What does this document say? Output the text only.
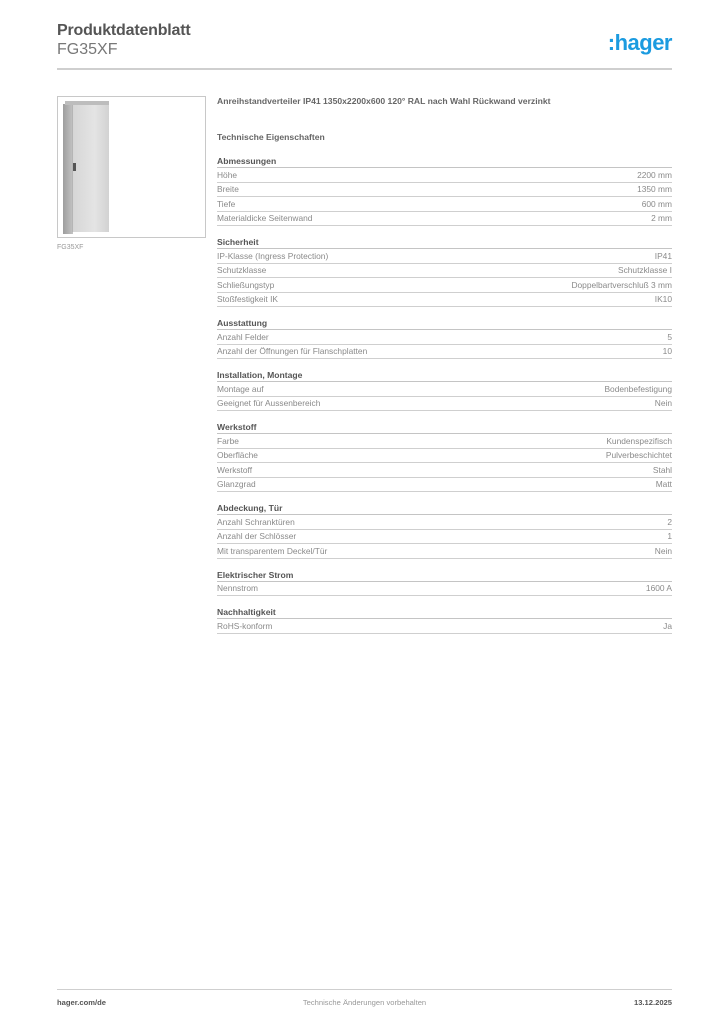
Produktdatenblatt
FG35XF	:hager
FG35XF
Anreihstandverteiler IP41 1350x2200x600 120° RAL nach Wahl Rückwand verzinkt
Technische Eigenschaften
Abmessungen
Höhe	2200 mm
Breite	1350 mm
Tiefe	600 mm
Materialdicke Seitenwand	2 mm
Sicherheit
IP-Klasse (Ingress Protection)	IP41
Schutzklasse	Schutzklasse I
Schließungstyp	Doppelbartverschluß 3 mm
Stoßfestigkeit IK	IK10
Ausstattung
Anzahl Felder	5
Anzahl der Öffnungen für Flanschplatten	10
Installation, Montage
Montage auf	Bodenbefestigung
Geeignet für Aussenbereich	Nein
Werkstoff
Farbe	Kundenspezifisch
Oberfläche	Pulverbeschichtet
Werkstoff	Stahl
Glanzgrad	Matt
Abdeckung, Tür
Anzahl Schranktüren	2
Anzahl der Schlösser	1
Mit transparentem Deckel/Tür	Nein
Elektrischer Strom
Nennstrom	1600 A
Nachhaltigkeit
RoHS-konform	Ja
Technische Änderungen vorbehalten
hager.com/de	13.12.2025
